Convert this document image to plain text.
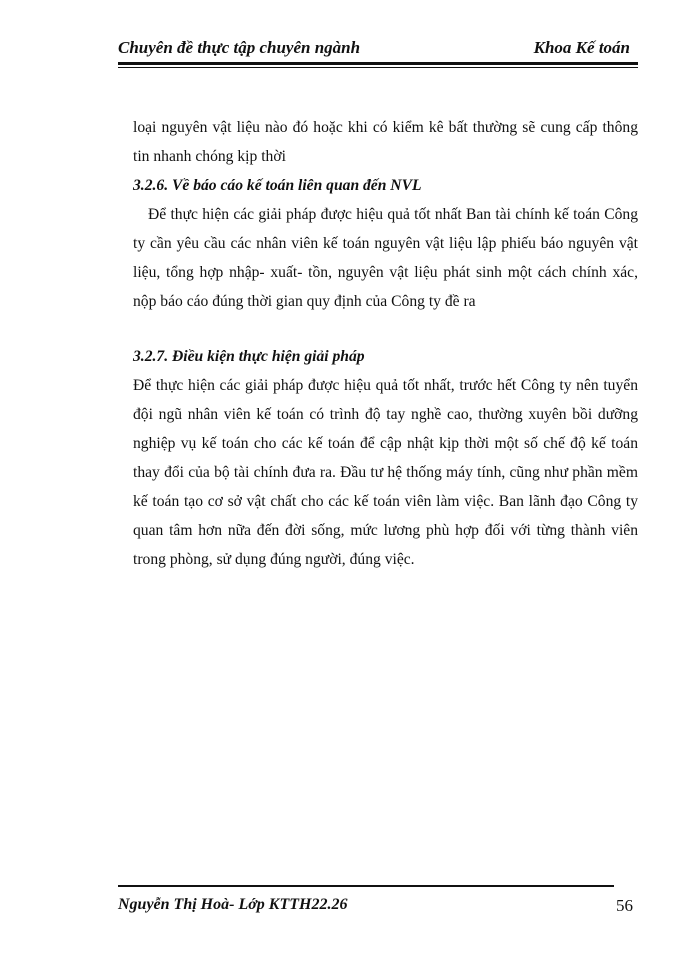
Chuyên đề thực tập chuyên ngành	Khoa Kế toán

loại nguyên vật liệu nào đó hoặc khi có kiểm kê bất thường sẽ cung cấp thông tin nhanh chóng kịp thời

3.2.6. Về báo cáo kế toán liên quan đến NVL

Để thực hiện các giải pháp được hiệu quả tốt nhất Ban tài chính kế toán Công ty cần yêu cầu các nhân viên kế toán nguyên vật liệu lập phiếu báo nguyên vật liệu, tổng hợp nhập- xuất- tồn, nguyên vật liệu phát sinh một cách chính xác, nộp báo cáo đúng thời gian quy định của Công ty đề ra

3.2.7. Điều kiện thực hiện giải pháp

Để thực hiện các giải pháp được hiệu quả tốt nhất, trước hết Công ty nên tuyển đội ngũ nhân viên kế toán có trình độ tay nghề cao, thường xuyên bồi dưỡng nghiệp vụ kế toán cho các kế toán để cập nhật kịp thời một số chế độ kế toán thay đổi của bộ tài chính đưa ra. Đầu tư hệ thống máy tính, cũng như phần mềm kế toán tạo cơ sở vật chất cho các kế toán viên làm việc. Ban lãnh đạo Công ty quan tâm hơn nữa đến đời sống, mức lương phù hợp đối với từng thành viên trong phòng, sử dụng đúng người, đúng việc.

Nguyễn Thị Hoà- Lớp KTTH22.26	56
